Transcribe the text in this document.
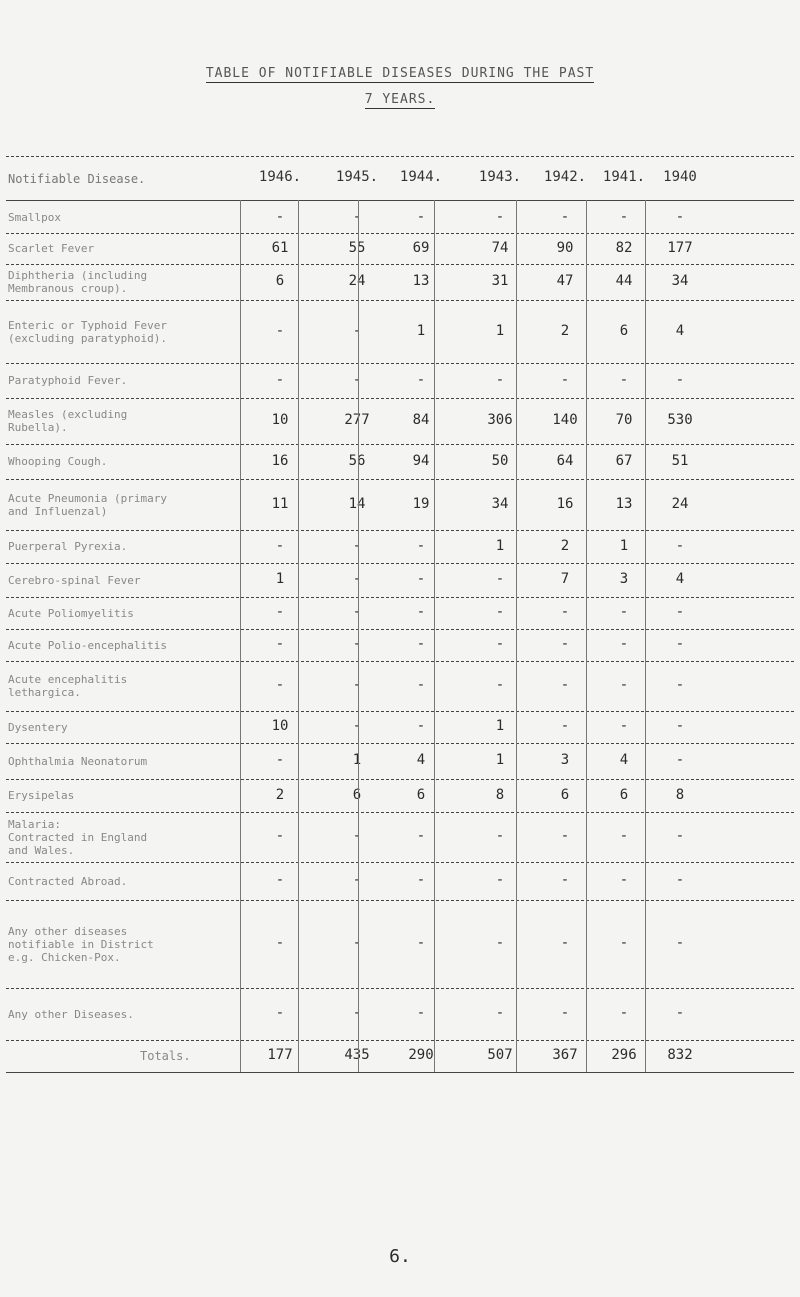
TABLE OF NOTIFIABLE DISEASES DURING THE PAST
7 YEARS.
Notifiable Disease.	1946.	1945.	1944.	1943.	1942.	1941.	1940
Smallpox	-	-	-	-	-	-	-
Scarlet Fever	61	55	69	74	90	82	177
Diphtheria (including
Membranous croup).	6	24	13	31	47	44	34
Enteric or Typhoid Fever
(excluding paratyphoid).	-	-	1	1	2	6	4
Paratyphoid Fever.	-	-	-	-	-	-	-
Measles (excluding
Rubella).	10	277	84	306	140	70	530
Whooping Cough.	16	56	94	50	64	67	51
Acute Pneumonia (primary
and Influenzal)	11	14	19	34	16	13	24
Puerperal Pyrexia.	-	-	-	1	2	1	-
Cerebro-spinal Fever	1	-	-	-	7	3	4
Acute Poliomyelitis	-	-	-	-	-	-	-
Acute Polio-encephalitis	-	-	-	-	-	-	-
Acute encephalitis
lethargica.	-	-	-	-	-	-	-
Dysentery	10	-	-	1	-	-	-
Ophthalmia Neonatorum	-	1	4	1	3	4	-
Erysipelas	2	6	6	8	6	6	8
Malaria:
Contracted in England
and Wales.
-	-	-	-	-	-	-
Contracted Abroad.	-	-	-	-	-	-	-
Any other diseases
notifiable in District
e.g. Chicken-Pox.
-	-	-	-	-	-	-
Any other Diseases.	-	-	-	-	-	-	-
Totals.	177	435	290	507	367	296	832
6.
